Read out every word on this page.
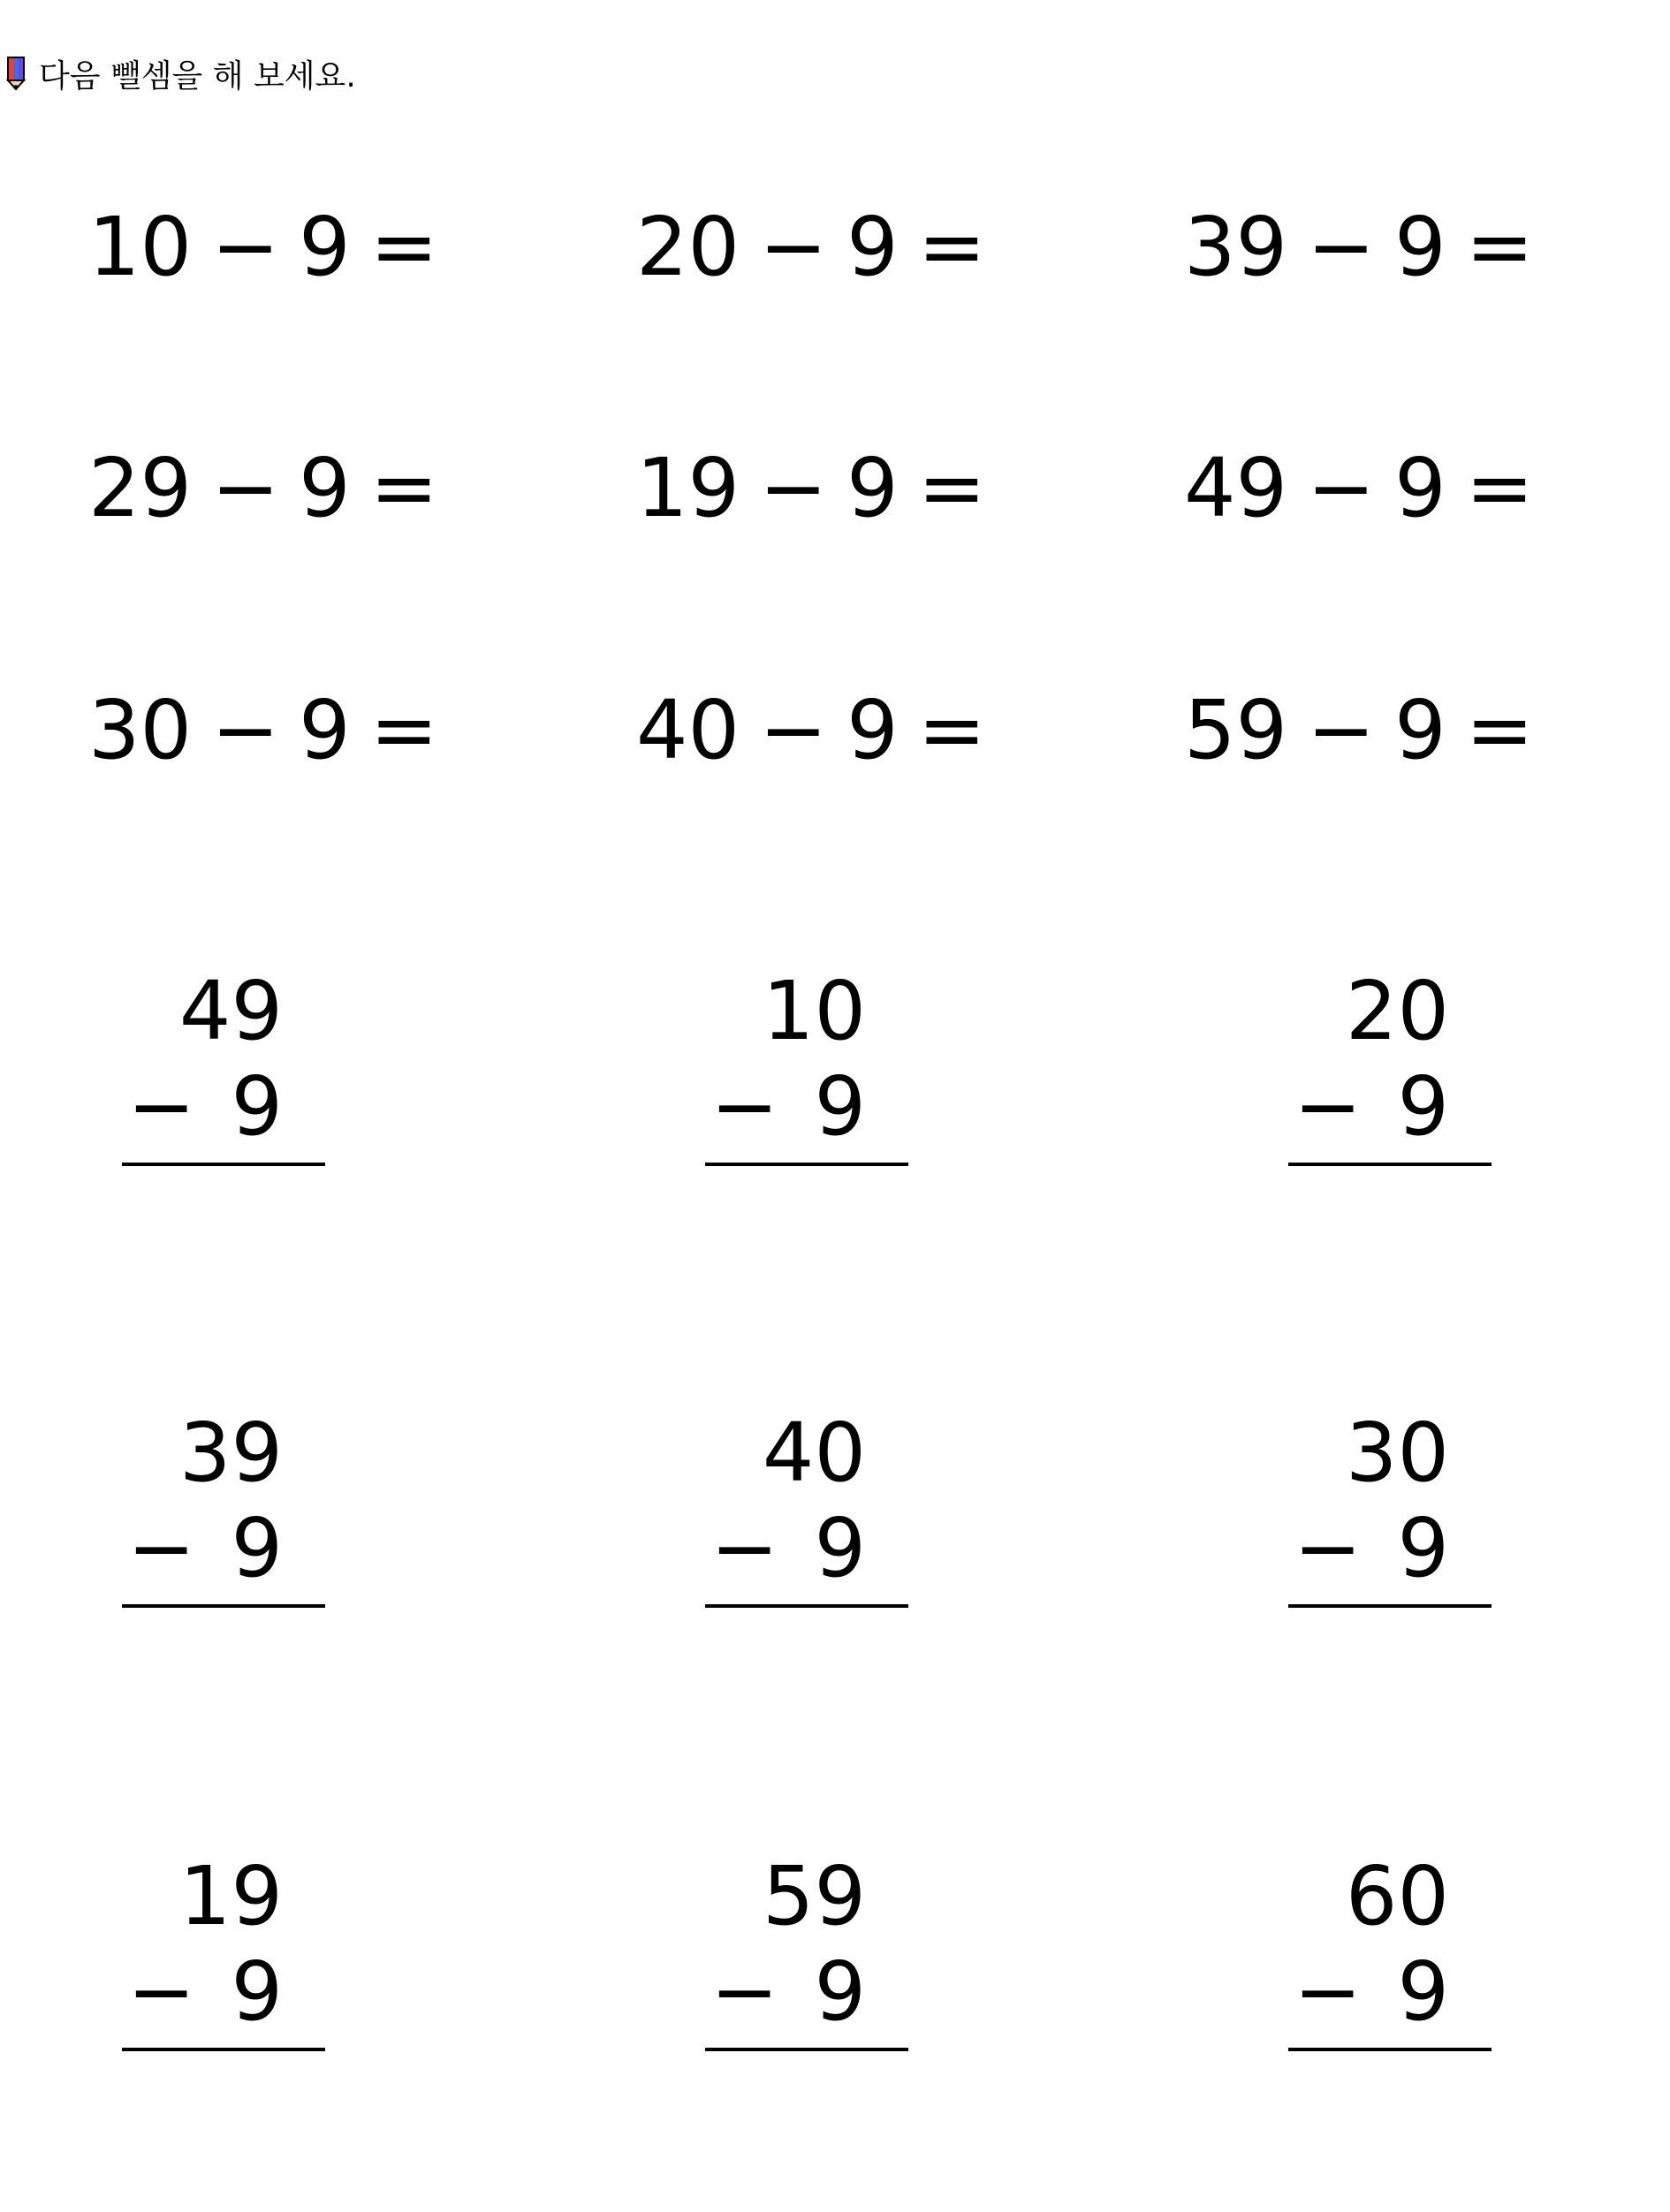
다음 뺄셈을 해 보세요.
10 − 9 =	20 − 9 =	39 − 9 =
29 − 9 =	19 − 9 =	49 − 9 =
30 − 9 =	40 − 9 =	59 − 9 =
49
− 9
10
− 9
20
− 9
39
− 9
40
− 9
30
− 9
19
− 9
59
− 9
60
− 9
